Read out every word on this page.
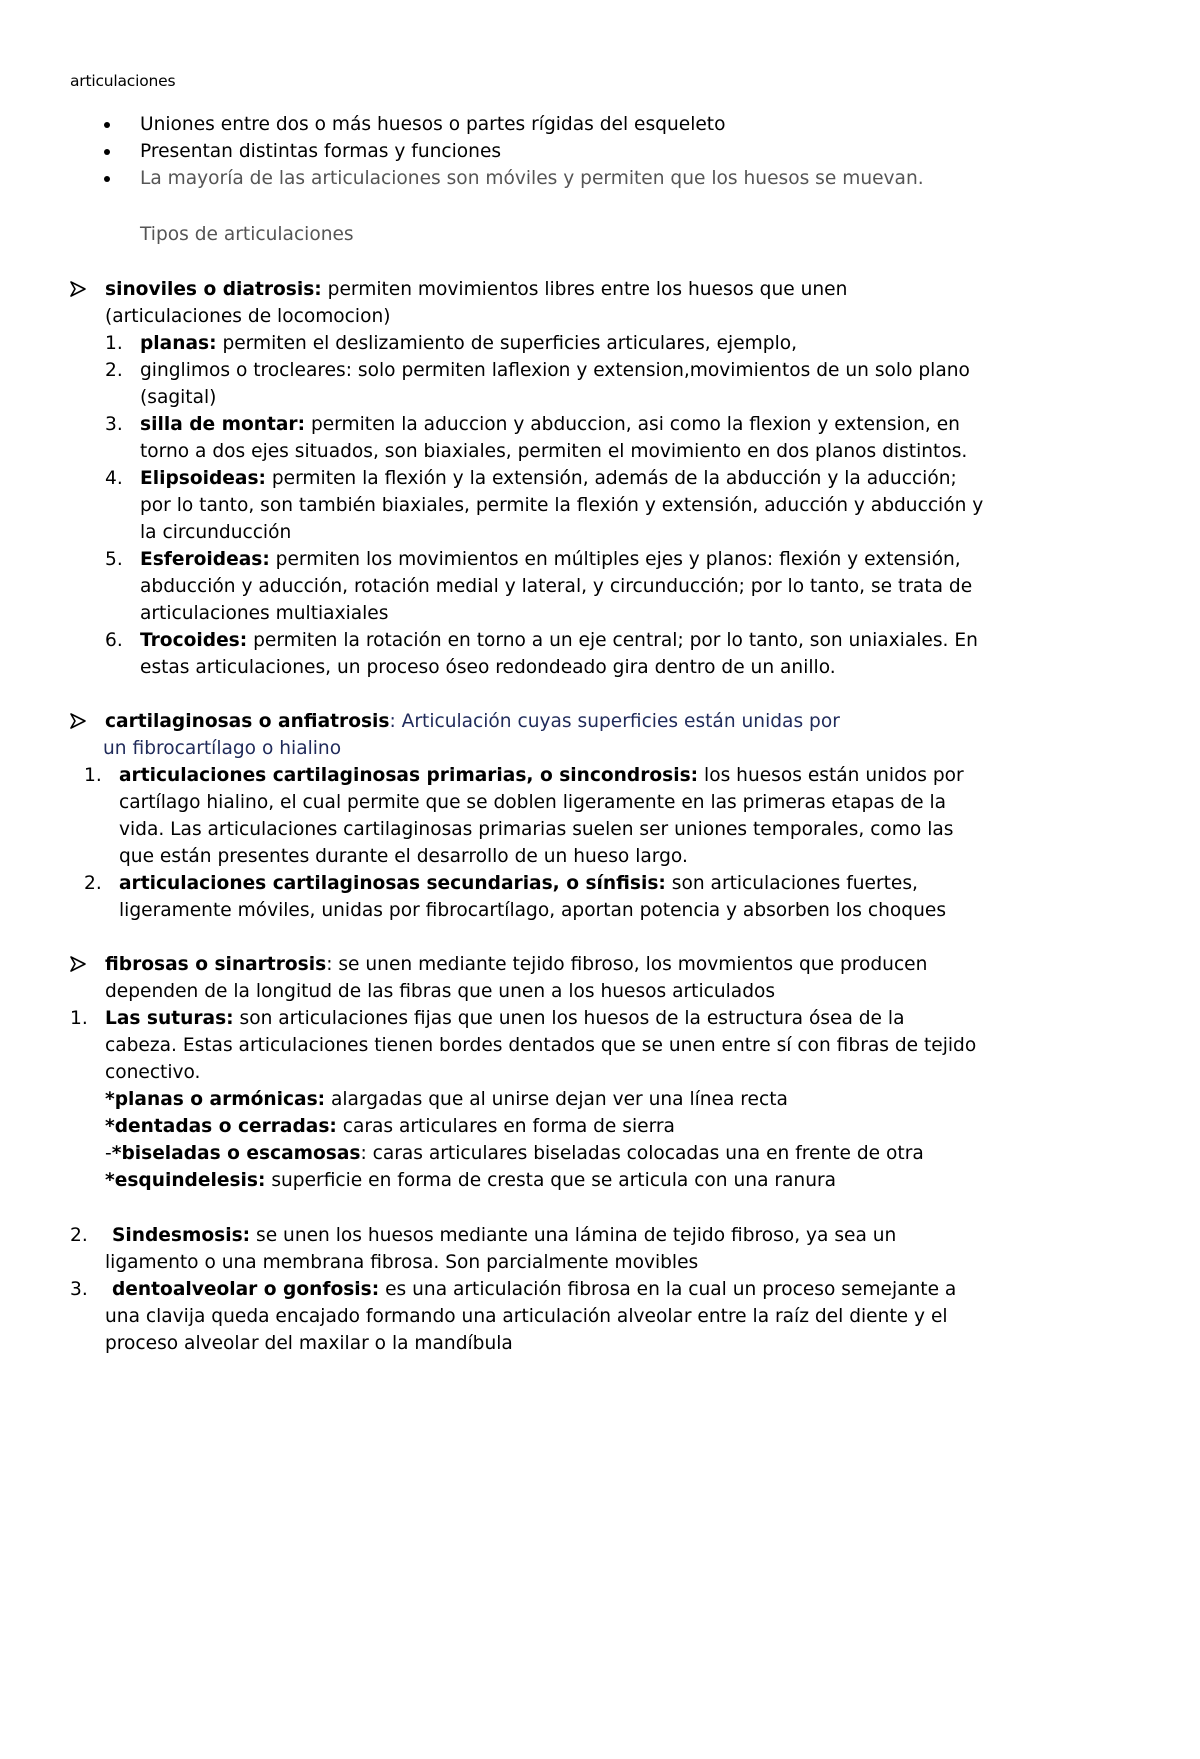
articulaciones
Uniones entre dos o más huesos o partes rígidas del esqueleto
Presentan distintas formas y funciones
La mayoría de las articulaciones son móviles y permiten que los huesos se muevan.
Tipos de articulaciones
sinoviles o diatrosis: permiten movimientos libres entre los huesos que unen
(articulaciones de locomocion)
1. planas: permiten el deslizamiento de superficies articulares, ejemplo,
2. ginglimos o trocleares: solo permiten laflexion y extension,movimientos de un solo plano
(sagital)
3. silla de montar: permiten la aduccion y abduccion, asi como la flexion y extension, en
torno a dos ejes situados, son biaxiales, permiten el movimiento en dos planos distintos.
4. Elipsoideas: permiten la flexión y la extensión, además de la abducción y la aducción;
por lo tanto, son también biaxiales, permite la flexión y extensión, aducción y abducción y
la circunducción
5. Esferoideas: permiten los movimientos en múltiples ejes y planos: flexión y extensión,
abducción y aducción, rotación medial y lateral, y circunducción; por lo tanto, se trata de
articulaciones multiaxiales
6. Trocoides: permiten la rotación en torno a un eje central; por lo tanto, son uniaxiales. En
estas articulaciones, un proceso óseo redondeado gira dentro de un anillo.
cartilaginosas o anfiatrosis: Articulación cuyas superficies están unidas por
un fibrocartílago o hialino
1. articulaciones cartilaginosas primarias, o sincondrosis: los huesos están unidos por
cartílago hialino, el cual permite que se doblen ligeramente en las primeras etapas de la
vida. Las articulaciones cartilaginosas primarias suelen ser uniones temporales, como las
que están presentes durante el desarrollo de un hueso largo.
2. articulaciones cartilaginosas secundarias, o sínfisis: son articulaciones fuertes,
ligeramente móviles, unidas por fibrocartílago, aportan potencia y absorben los choques
fibrosas o sinartrosis: se unen mediante tejido fibroso, los movmientos que producen
dependen de la longitud de las fibras que unen a los huesos articulados
1. Las suturas: son articulaciones fijas que unen los huesos de la estructura ósea de la
cabeza. Estas articulaciones tienen bordes dentados que se unen entre sí con fibras de tejido
conectivo.
*planas o armónicas: alargadas que al unirse dejan ver una línea recta
*dentadas o cerradas: caras articulares en forma de sierra
-*biseladas o escamosas: caras articulares biseladas colocadas una en frente de otra
*esquindelesis: superficie en forma de cresta que se articula con una ranura
2. Sindesmosis: se unen los huesos mediante una lámina de tejido fibroso, ya sea un
ligamento o una membrana fibrosa. Son parcialmente movibles
3. dentoalveolar o gonfosis: es una articulación fibrosa en la cual un proceso semejante a
una clavija queda encajado formando una articulación alveolar entre la raíz del diente y el
proceso alveolar del maxilar o la mandíbula
